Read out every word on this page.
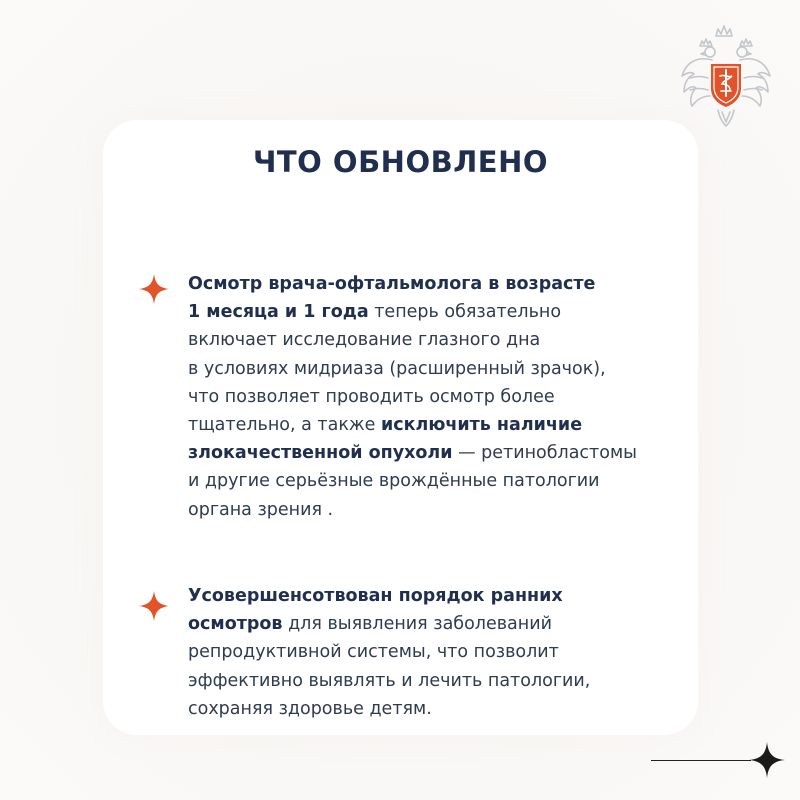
ЧТО ОБНОВЛЕНО
Осмотр врача-офтальмолога в возрасте
1 месяца и 1 года теперь обязательно
включает исследование глазного дна
в условиях мидриаза (расширенный зрачок),
что позволяет проводить осмотр более
тщательно, а также исключить наличие
злокачественной опухоли — ретинобластомы
и другие серьёзные врождённые патологии
органа зрения .
Усовершенсотвован порядок ранних
осмотров для выявления заболеваний
репродуктивной системы, что позволит
эффективно выявлять и лечить патологии,
сохраняя здоровье детям.
